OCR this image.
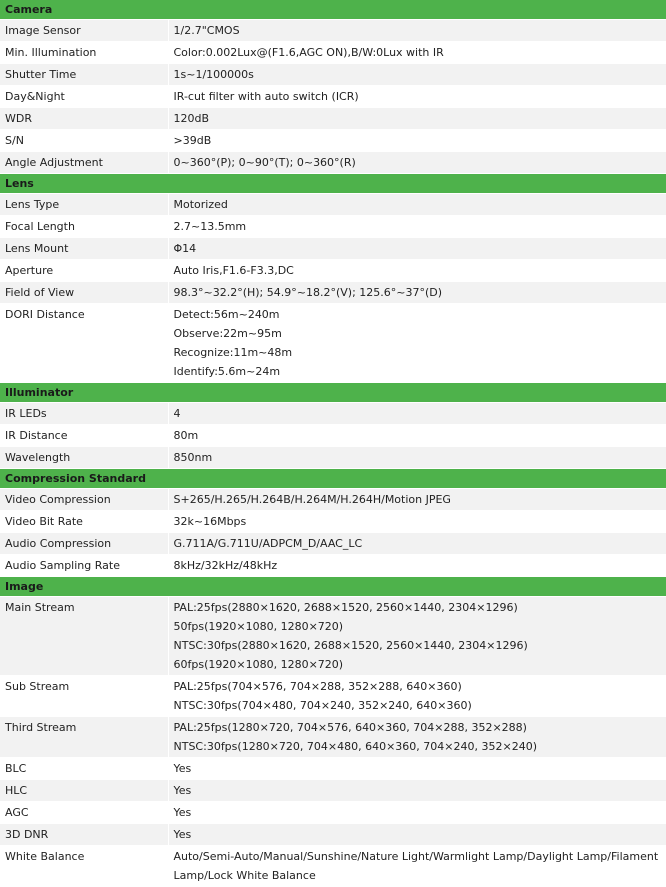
Camera	
Image Sensor	1/2.7"CMOS

Min. Illumination	Color:0.002Lux@(F1.6,AGC ON),B/W:0Lux with IR

Shutter Time	1s~1/100000s

Day&Night	IR-cut filter with auto switch (ICR)

WDR	120dB

S/N	>39dB

Angle Adjustment	0~360°(P); 0~90°(T); 0~360°(R)

Lens	
Lens Type	Motorized

Focal Length	2.7~13.5mm

Lens Mount	Φ14

Aperture	Auto Iris,F1.6-F3.3,DC

Field of View	98.3°~32.2°(H); 54.9°~18.2°(V); 125.6°~37°(D)

DORI Distance	Detect:56m~240m
Observe:22m~95m
Recognize:11m~48m
Identify:5.6m~24m

Illuminator	
IR LEDs	4

IR Distance	80m

Wavelength	850nm

Compression Standard	
Video Compression	S+265/H.265/H.264B/H.264M/H.264H/Motion JPEG

Video Bit Rate	32k~16Mbps

Audio Compression	G.711A/G.711U/ADPCM_D/AAC_LC

Audio Sampling Rate	8kHz/32kHz/48kHz

Image	
Main Stream	PAL:25fps(2880×1620, 2688×1520, 2560×1440, 2304×1296)
50fps(1920×1080, 1280×720)
NTSC:30fps(2880×1620, 2688×1520, 2560×1440, 2304×1296)
60fps(1920×1080, 1280×720)

Sub Stream	PAL:25fps(704×576, 704×288, 352×288, 640×360)
NTSC:30fps(704×480, 704×240, 352×240, 640×360)

Third Stream	PAL:25fps(1280×720, 704×576, 640×360, 704×288, 352×288)
NTSC:30fps(1280×720, 704×480, 640×360, 704×240, 352×240)

BLC	Yes

HLC	Yes

AGC	Yes

3D DNR	Yes

White Balance	Auto/Semi-Auto/Manual/Sunshine/Nature Light/Warmlight Lamp/Daylight Lamp/Filament
Lamp/Lock White Balance
